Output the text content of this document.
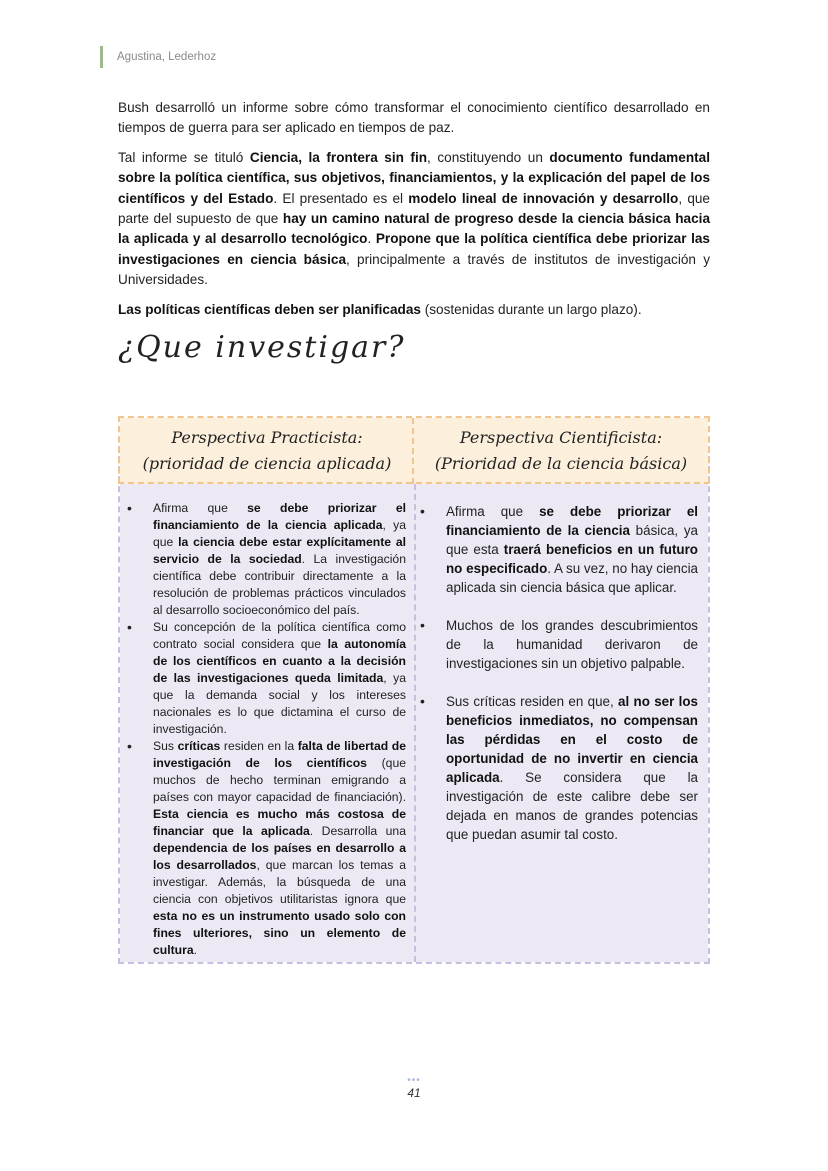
Agustina, Lederhoz

Bush desarrolló un informe sobre cómo transformar el conocimiento científico desarrollado en tiempos de guerra para ser aplicado en tiempos de paz.

Tal informe se tituló Ciencia, la frontera sin fin, constituyendo un documento fundamental sobre la política científica, sus objetivos, financiamientos, y la explicación del papel de los científicos y del Estado. El presentado es el modelo lineal de innovación y desarrollo, que parte del supuesto de que hay un camino natural de progreso desde la ciencia básica hacia la aplicada y al desarrollo tecnológico. Propone que la política científica debe priorizar las investigaciones en ciencia básica, principalmente a través de institutos de investigación y Universidades.

Las políticas científicas deben ser planificadas (sostenidas durante un largo plazo).

¿Que investigar?
Perspectiva Practicista:
(prioridad de ciencia aplicada)
Perspectiva Cientificista:
(Prioridad de la ciencia básica)
• Afirma que se debe priorizar el financiamiento de la ciencia aplicada, ya que la ciencia debe estar explícitamente al servicio de la sociedad. La investigación científica debe contribuir directamente a la resolución de problemas prácticos vinculados al desarrollo socioeconómico del país.
• Su concepción de la política científica como contrato social considera que la autonomía de los científicos en cuanto a la decisión de las investigaciones queda limitada, ya que la demanda social y los intereses nacionales es lo que dictamina el curso de investigación.
• Sus críticas residen en la falta de libertad de investigación de los científicos (que muchos de hecho terminan emigrando a países con mayor capacidad de financiación). Esta ciencia es mucho más costosa de financiar que la aplicada. Desarrolla una dependencia de los países en desarrollo a los desarrollados, que marcan los temas a investigar. Además, la búsqueda de una ciencia con objetivos utilitaristas ignora que esta no es un instrumento usado solo con fines ulteriores, sino un elemento de cultura.
• Afirma que se debe priorizar el financiamiento de la ciencia básica, ya que esta traerá beneficios en un futuro no especificado. A su vez, no hay ciencia aplicada sin ciencia básica que aplicar.
• Muchos de los grandes descubrimientos de la humanidad derivaron de investigaciones sin un objetivo palpable.
• Sus críticas residen en que, al no ser los beneficios inmediatos, no compensan las pérdidas en el costo de oportunidad de no invertir en ciencia aplicada. Se considera que la investigación de este calibre debe ser dejada en manos de grandes potencias que puedan asumir tal costo.
•••
41
